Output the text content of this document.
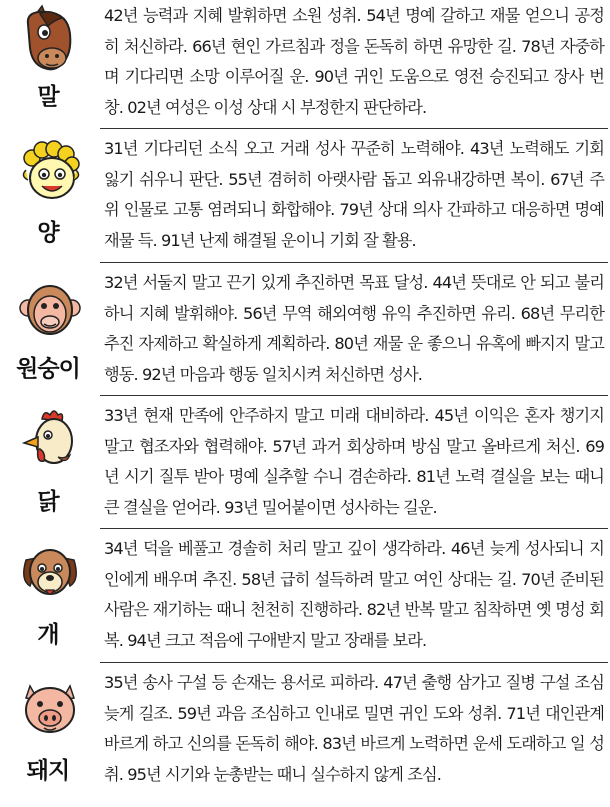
말
42년 능력과 지혜 발휘하면 소원 성취. 54년 명예 갈하고 재물 얻으니 공정히 처신하라. 66년 현인 가르침과 정을 돈독히 하면 유망한 길. 78년 자중하며 기다리면 소망 이루어질 운. 90년 귀인 도움으로 영전 승진되고 장사 번창. 02년 여성은 이성 상대 시 부정한지 판단하라.
양
31년 기다리던 소식 오고 거래 성사 꾸준히 노력해야. 43년 노력해도 기회 잃기 쉬우니 판단. 55년 겸허히 아랫사람 돕고 외유내강하면 복이. 67년 주위 인물로 고통 염려되니 화합해야. 79년 상대 의사 간파하고 대응하면 명예 재물 득. 91년 난제 해결될 운이니 기회 잘 활용.
원숭이
32년 서둘지 말고 끈기 있게 추진하면 목표 달성. 44년 뜻대로 안 되고 불리하니 지혜 발휘해야. 56년 무역 해외여행 유익 추진하면 유리. 68년 무리한 추진 자제하고 확실하게 계획하라. 80년 재물 운 좋으니 유혹에 빠지지 말고 행동. 92년 마음과 행동 일치시켜 처신하면 성사.
닭
33년 현재 만족에 안주하지 말고 미래 대비하라. 45년 이익은 혼자 챙기지 말고 협조자와 협력해야. 57년 과거 회상하며 방심 말고 올바르게 처신. 69년 시기 질투 받아 명예 실추할 수니 겸손하라. 81년 노력 결실을 보는 때니 큰 결실을 얻어라. 93년 밀어붙이면 성사하는 길운.
개
34년 덕을 베풀고 경솔히 처리 말고 깊이 생각하라. 46년 늦게 성사되니 지인에게 배우며 추진. 58년 급히 설득하려 말고 여인 상대는 길. 70년 준비된 사람은 재기하는 때니 천천히 진행하라. 82년 반복 말고 침착하면 옛 명성 회복. 94년 크고 적음에 구애받지 말고 장래를 보라.
돼지
35년 송사 구설 등 손재는 용서로 피하라. 47년 출행 삼가고 질병 구설 조심 늦게 길조. 59년 과음 조심하고 인내로 밀면 귀인 도와 성취. 71년 대인관계 바르게 하고 신의를 돈독히 해야. 83년 바르게 노력하면 운세 도래하고 일 성취. 95년 시기와 눈총받는 때니 실수하지 않게 조심.
